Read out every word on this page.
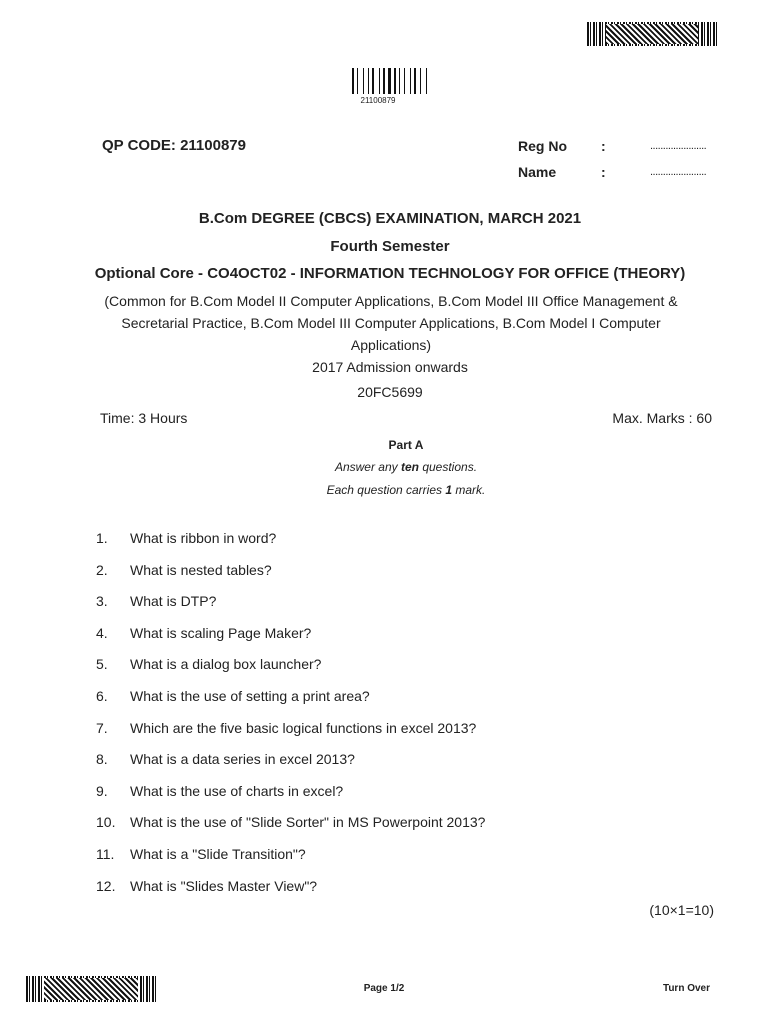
21100879
QP CODE: 21100879	Reg No :	......................
Name	:	......................
B.Com DEGREE (CBCS) EXAMINATION, MARCH 2021
Fourth Semester
Optional Core - CO4OCT02 - INFORMATION TECHNOLOGY FOR OFFICE (THEORY)
(Common for B.Com Model II Computer Applications, B.Com Model III Office Management & Secretarial Practice, B.Com Model III Computer Applications, B.Com Model I Computer Applications)
2017 Admission onwards
20FC5699
Time: 3 Hours	Max. Marks : 60
Part A
Answer any ten questions.
Each question carries 1 mark.
1.	What is ribbon in word?
2.	What is nested tables?
3.	What is DTP?
4.	What is scaling Page Maker?
5.	What is a dialog box launcher?
6.	What is the use of setting a print area?
7.	Which are the five basic logical functions in excel 2013?
8.	What is a data series in excel 2013?
9.	What is the use of charts in excel?
10.	What is the use of "Slide Sorter" in MS Powerpoint 2013?
11.	What is a "Slide Transition"?
12.	What is "Slides Master View"?
(10×1=10)
Page 1/2	Turn Over
